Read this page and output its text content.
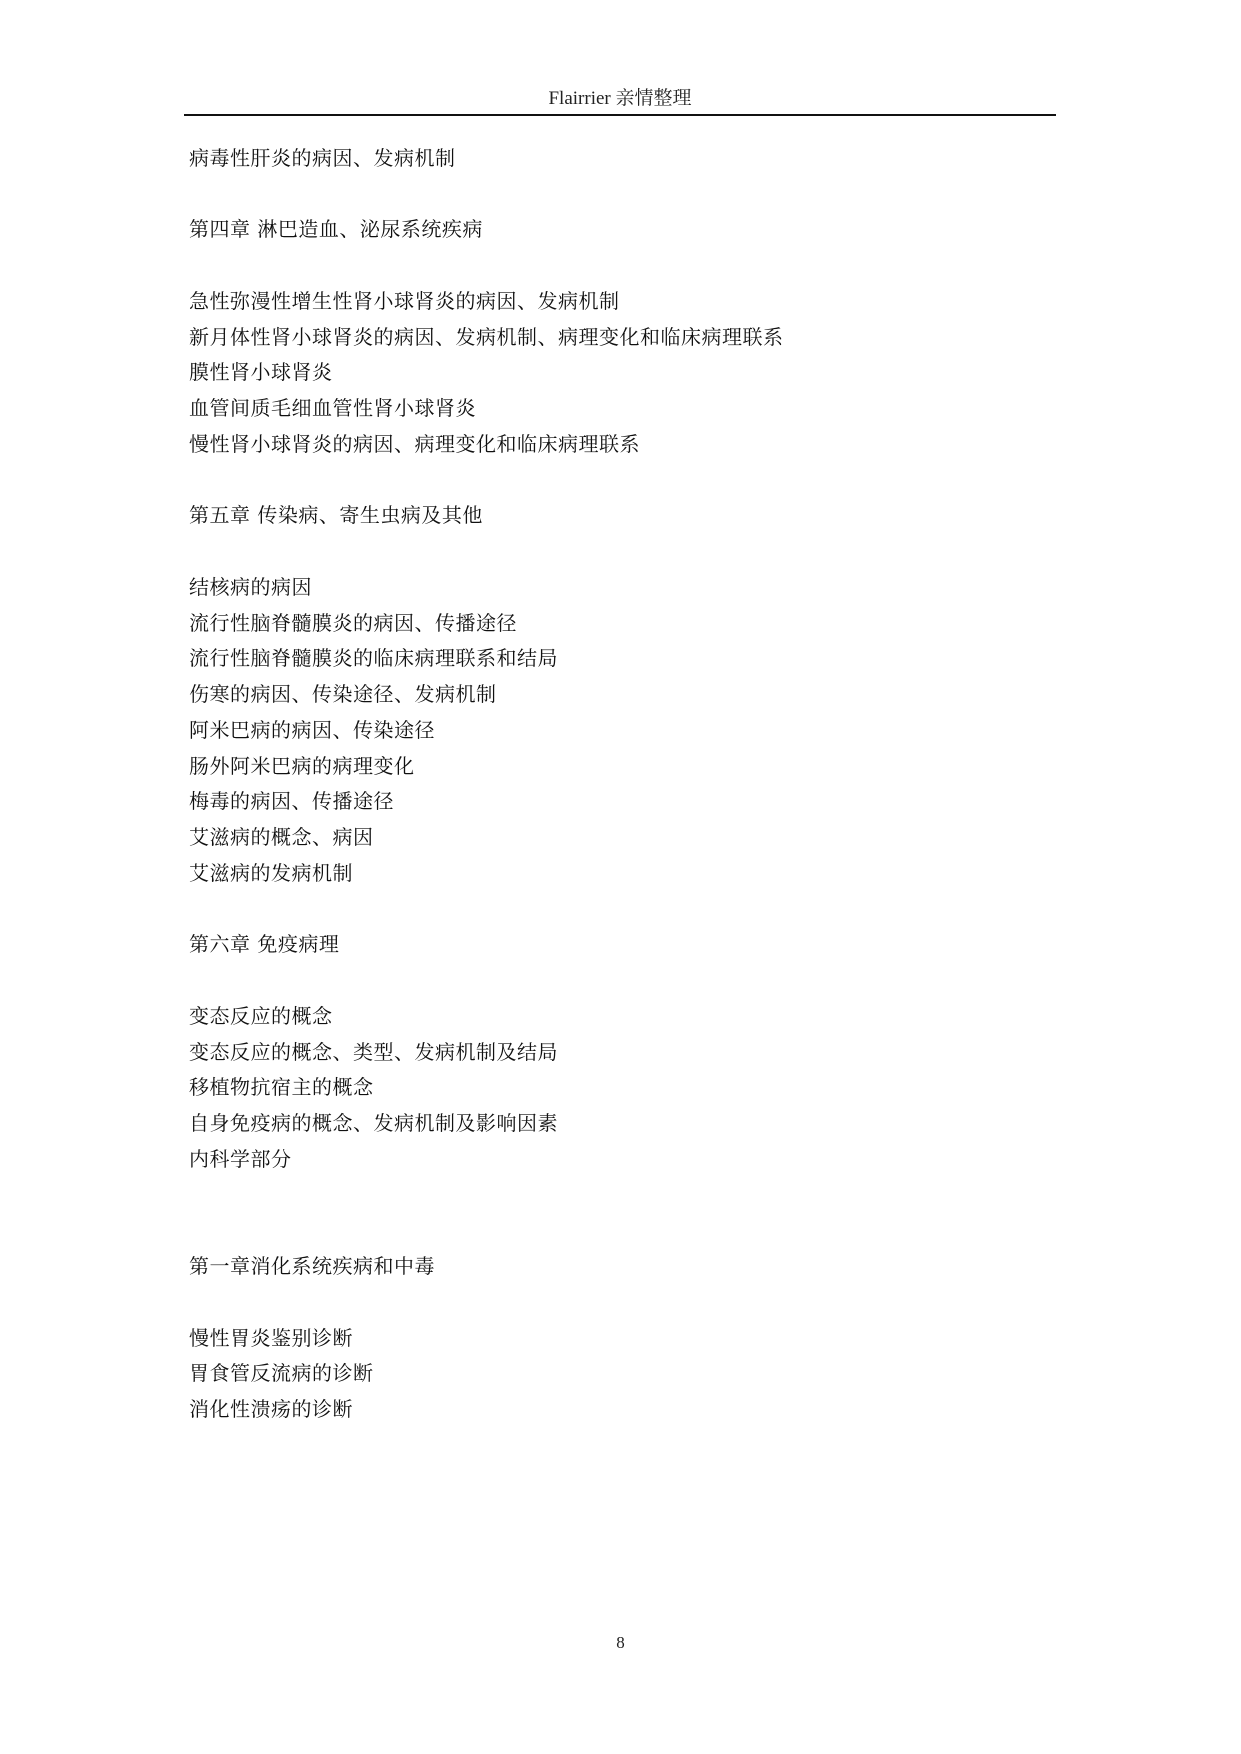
Flairrier 亲情整理
病毒性肝炎的病因、发病机制
第四章 淋巴造血、泌尿系统疾病
急性弥漫性增生性肾小球肾炎的病因、发病机制
新月体性肾小球肾炎的病因、发病机制、病理变化和临床病理联系
膜性肾小球肾炎
血管间质毛细血管性肾小球肾炎
慢性肾小球肾炎的病因、病理变化和临床病理联系
第五章 传染病、寄生虫病及其他
结核病的病因
流行性脑脊髓膜炎的病因、传播途径
流行性脑脊髓膜炎的临床病理联系和结局
伤寒的病因、传染途径、发病机制
阿米巴病的病因、传染途径
肠外阿米巴病的病理变化
梅毒的病因、传播途径
艾滋病的概念、病因
艾滋病的发病机制
第六章 免疫病理
变态反应的概念
变态反应的概念、类型、发病机制及结局
移植物抗宿主的概念
自身免疫病的概念、发病机制及影响因素
内科学部分
第一章消化系统疾病和中毒
慢性胃炎鉴别诊断
胃食管反流病的诊断
消化性溃疡的诊断
8
